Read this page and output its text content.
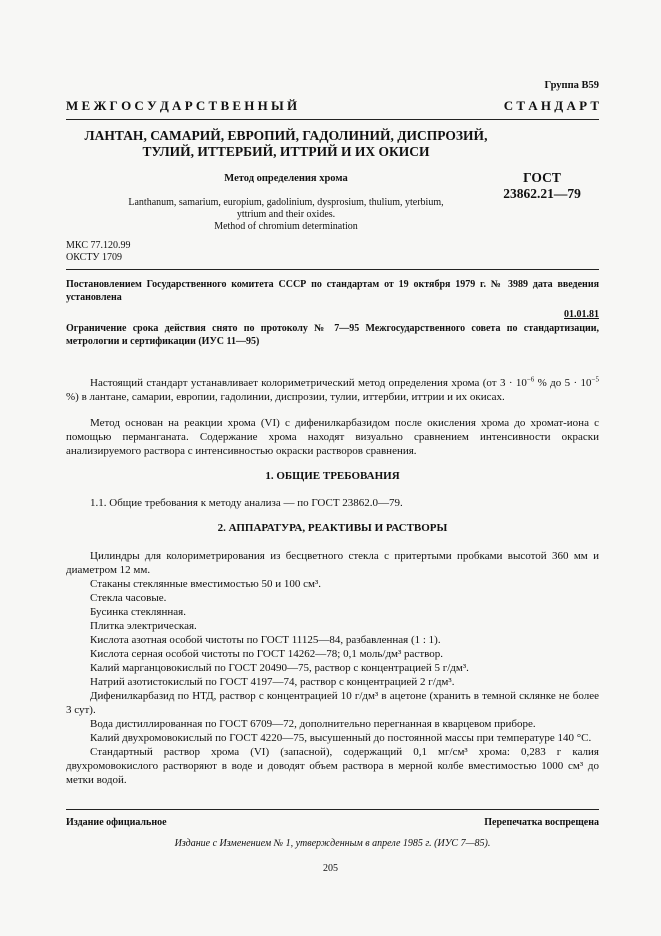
Группа В59
М Е Ж Г О С У Д А Р С Т В Е Н Н Ы Й	С Т А Н Д А Р Т
ЛАНТАН, САМАРИЙ, ЕВРОПИЙ, ГАДОЛИНИЙ, ДИСПРОЗИЙ,
ТУЛИЙ, ИТТЕРБИЙ, ИТТРИЙ И ИХ ОКИСИ
Метод определения хрома
Lanthanum, samarium, europium, gadolinium, dysprosium, thulium, yterbium,
yttrium and their oxides.
Method of chromium determination
ГОСТ
23862.21—79
МКС 77.120.99
ОКСТУ 1709
Постановлением Государственного комитета СССР по стандартам от 19 октября 1979 г. № 3989 дата введения установлена
01.01.81
Ограничение срока действия снято по протоколу № 7—95 Межгосударственного совета по стандартизации, метрологии и сертификации (ИУС 11—95)
Настоящий стандарт устанавливает колориметрический метод определения хрома (от $3 \cdot 10^{-6}$ % до $5 \cdot 10^{-5}$ %) в лантане, самарии, европии, гадолинии, диспрозии, тулии, иттербии, иттрии и их окисах.
Метод основан на реакции хрома (VI) с дифенилкарбазидом после окисления хрома до хромат-иона с помощью перманганата. Содержание хрома находят визуально сравнением интенсивности окраски анализируемого раствора с интенсивностью окраски растворов сравнения.
1. ОБЩИЕ ТРЕБОВАНИЯ
1.1. Общие требования к методу анализа — по ГОСТ 23862.0—79.
2. АППАРАТУРА, РЕАКТИВЫ И РАСТВОРЫ
Цилиндры для колориметрирования из бесцветного стекла с притертыми пробками высотой 360 мм и диаметром 12 мм.
Стаканы стеклянные вместимостью 50 и 100 см³.
Стекла часовые.
Бусинка стеклянная.
Плитка электрическая.
Кислота азотная особой чистоты по ГОСТ 11125—84, разбавленная (1 : 1).
Кислота серная особой чистоты по ГОСТ 14262—78; 0,1 моль/дм³ раствор.
Калий марганцовокислый по ГОСТ 20490—75, раствор с концентрацией 5 г/дм³.
Натрий азотистокислый по ГОСТ 4197—74, раствор с концентрацией 2 г/дм³.
Дифенилкарбазид по НТД, раствор с концентрацией 10 г/дм³ в ацетоне (хранить в темной склянке не более 3 сут).
Вода дистиллированная по ГОСТ 6709—72, дополнительно перегнанная в кварцевом приборе.
Калий двухромовокислый по ГОСТ 4220—75, высушенный до постоянной массы при температуре 140 °С.
Стандартный раствор хрома (VI) (запасной), содержащий 0,1 мг/см³ хрома: 0,283 г калия двухромовокислого растворяют в воде и доводят объем раствора в мерной колбе вместимостью 1000 см³ до метки водой.
Издание официальное	Перепечатка воспрещена
Издание с Изменением № 1, утвержденным в апреле 1985 г. (ИУС 7—85).
205
